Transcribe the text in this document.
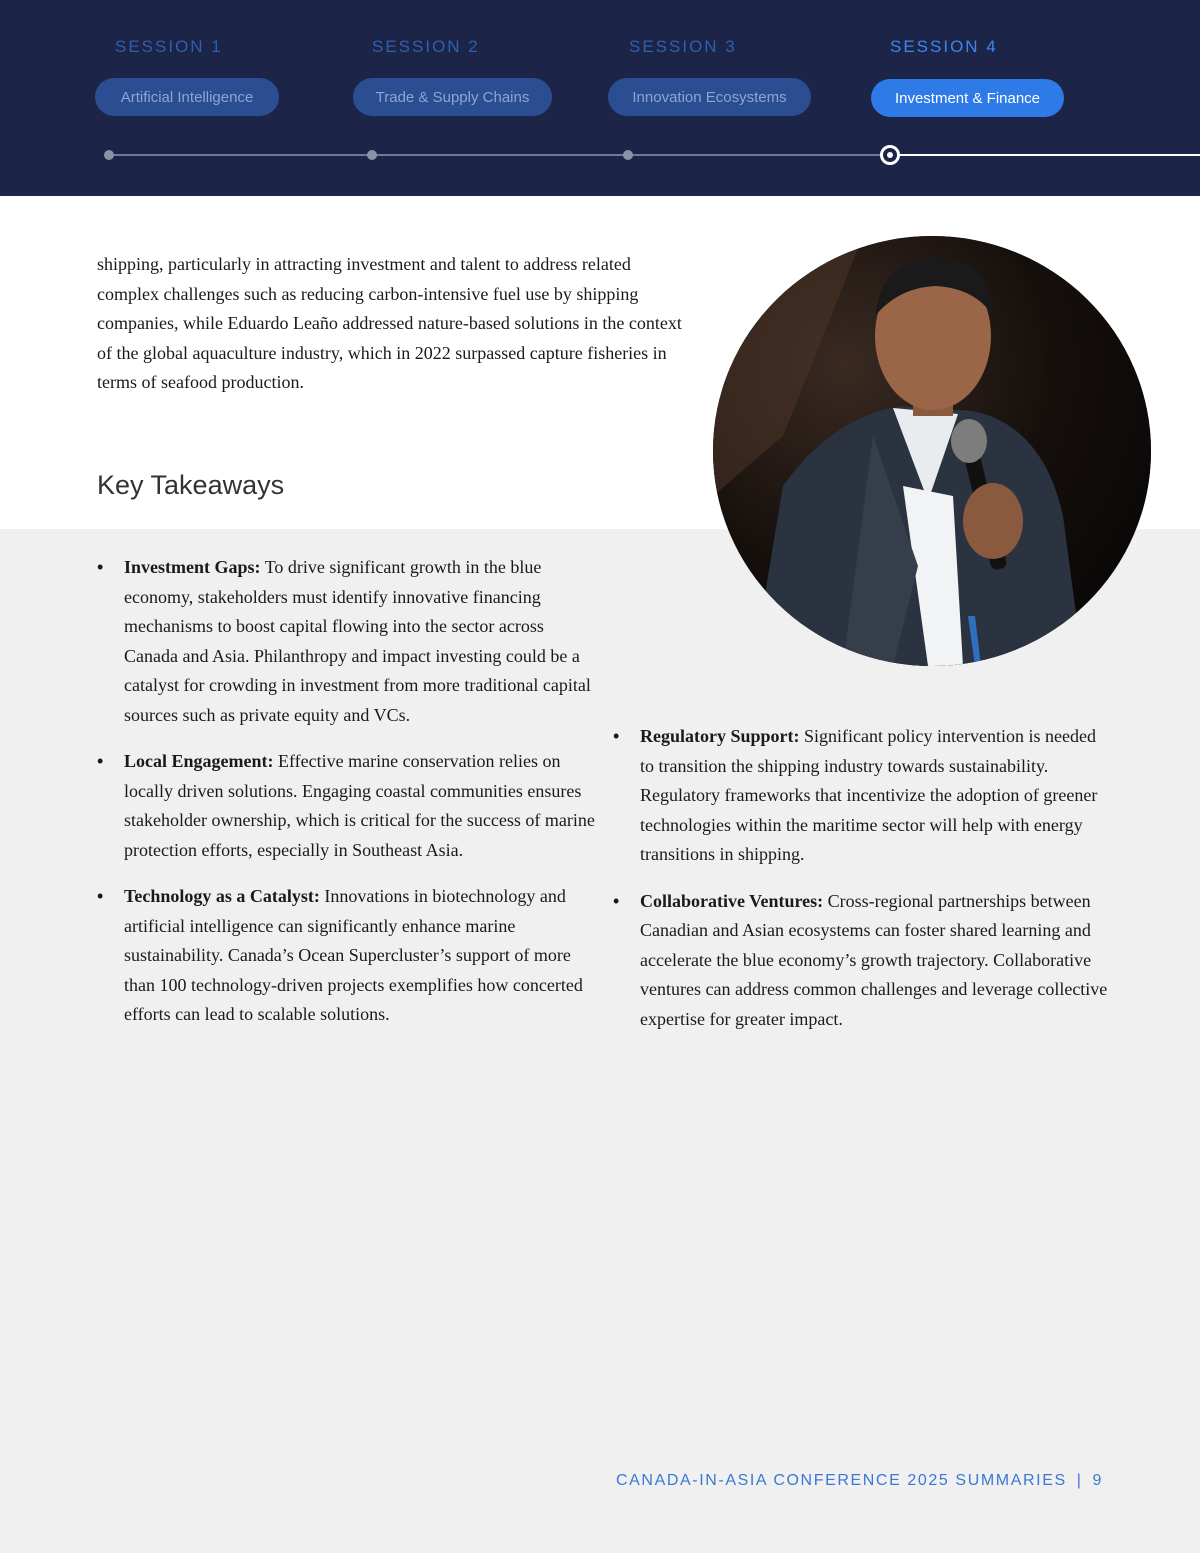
SESSION 1	SESSION 2	SESSION 3	SESSION 4
Artificial Intelligence	Trade & Supply Chains	Innovation Ecosystems	Investment & Finance

shipping, particularly in attracting investment and talent to address related complex challenges such as reducing carbon-intensive fuel use by shipping companies, while Eduardo Leaño addressed nature-based solutions in the context of the global aquaculture industry, which in 2022 surpassed capture fisheries in terms of seafood production.

Key Takeaways
• Investment Gaps: To drive significant growth in the blue economy, stakeholders must identify innovative financing mechanisms to boost capital flowing into the sector across Canada and Asia. Philanthropy and impact investing could be a catalyst for crowding in investment from more traditional capital sources such as private equity and VCs.
• Local Engagement: Effective marine conservation relies on locally driven solutions. Engaging coastal communities ensures stakeholder ownership, which is critical for the success of marine protection efforts, especially in Southeast Asia.
• Technology as a Catalyst: Innovations in biotechnology and artificial intelligence can significantly enhance marine sustainability. Canada’s Ocean Supercluster’s support of more than 100 technology-driven projects exemplifies how concerted efforts can lead to scalable solutions.
• Regulatory Support: Significant policy intervention is needed to transition the shipping industry towards sustainability. Regulatory frameworks that incentivize the adoption of greener technologies within the maritime sector will help with energy transitions in shipping.
• Collaborative Ventures: Cross-regional partnerships between Canadian and Asian ecosystems can foster shared learning and accelerate the blue economy’s growth trajectory. Collaborative ventures can address common challenges and leverage collective expertise for greater impact.
CANADA-IN-ASIA CONFERENCE 2025 SUMMARIES | 9
